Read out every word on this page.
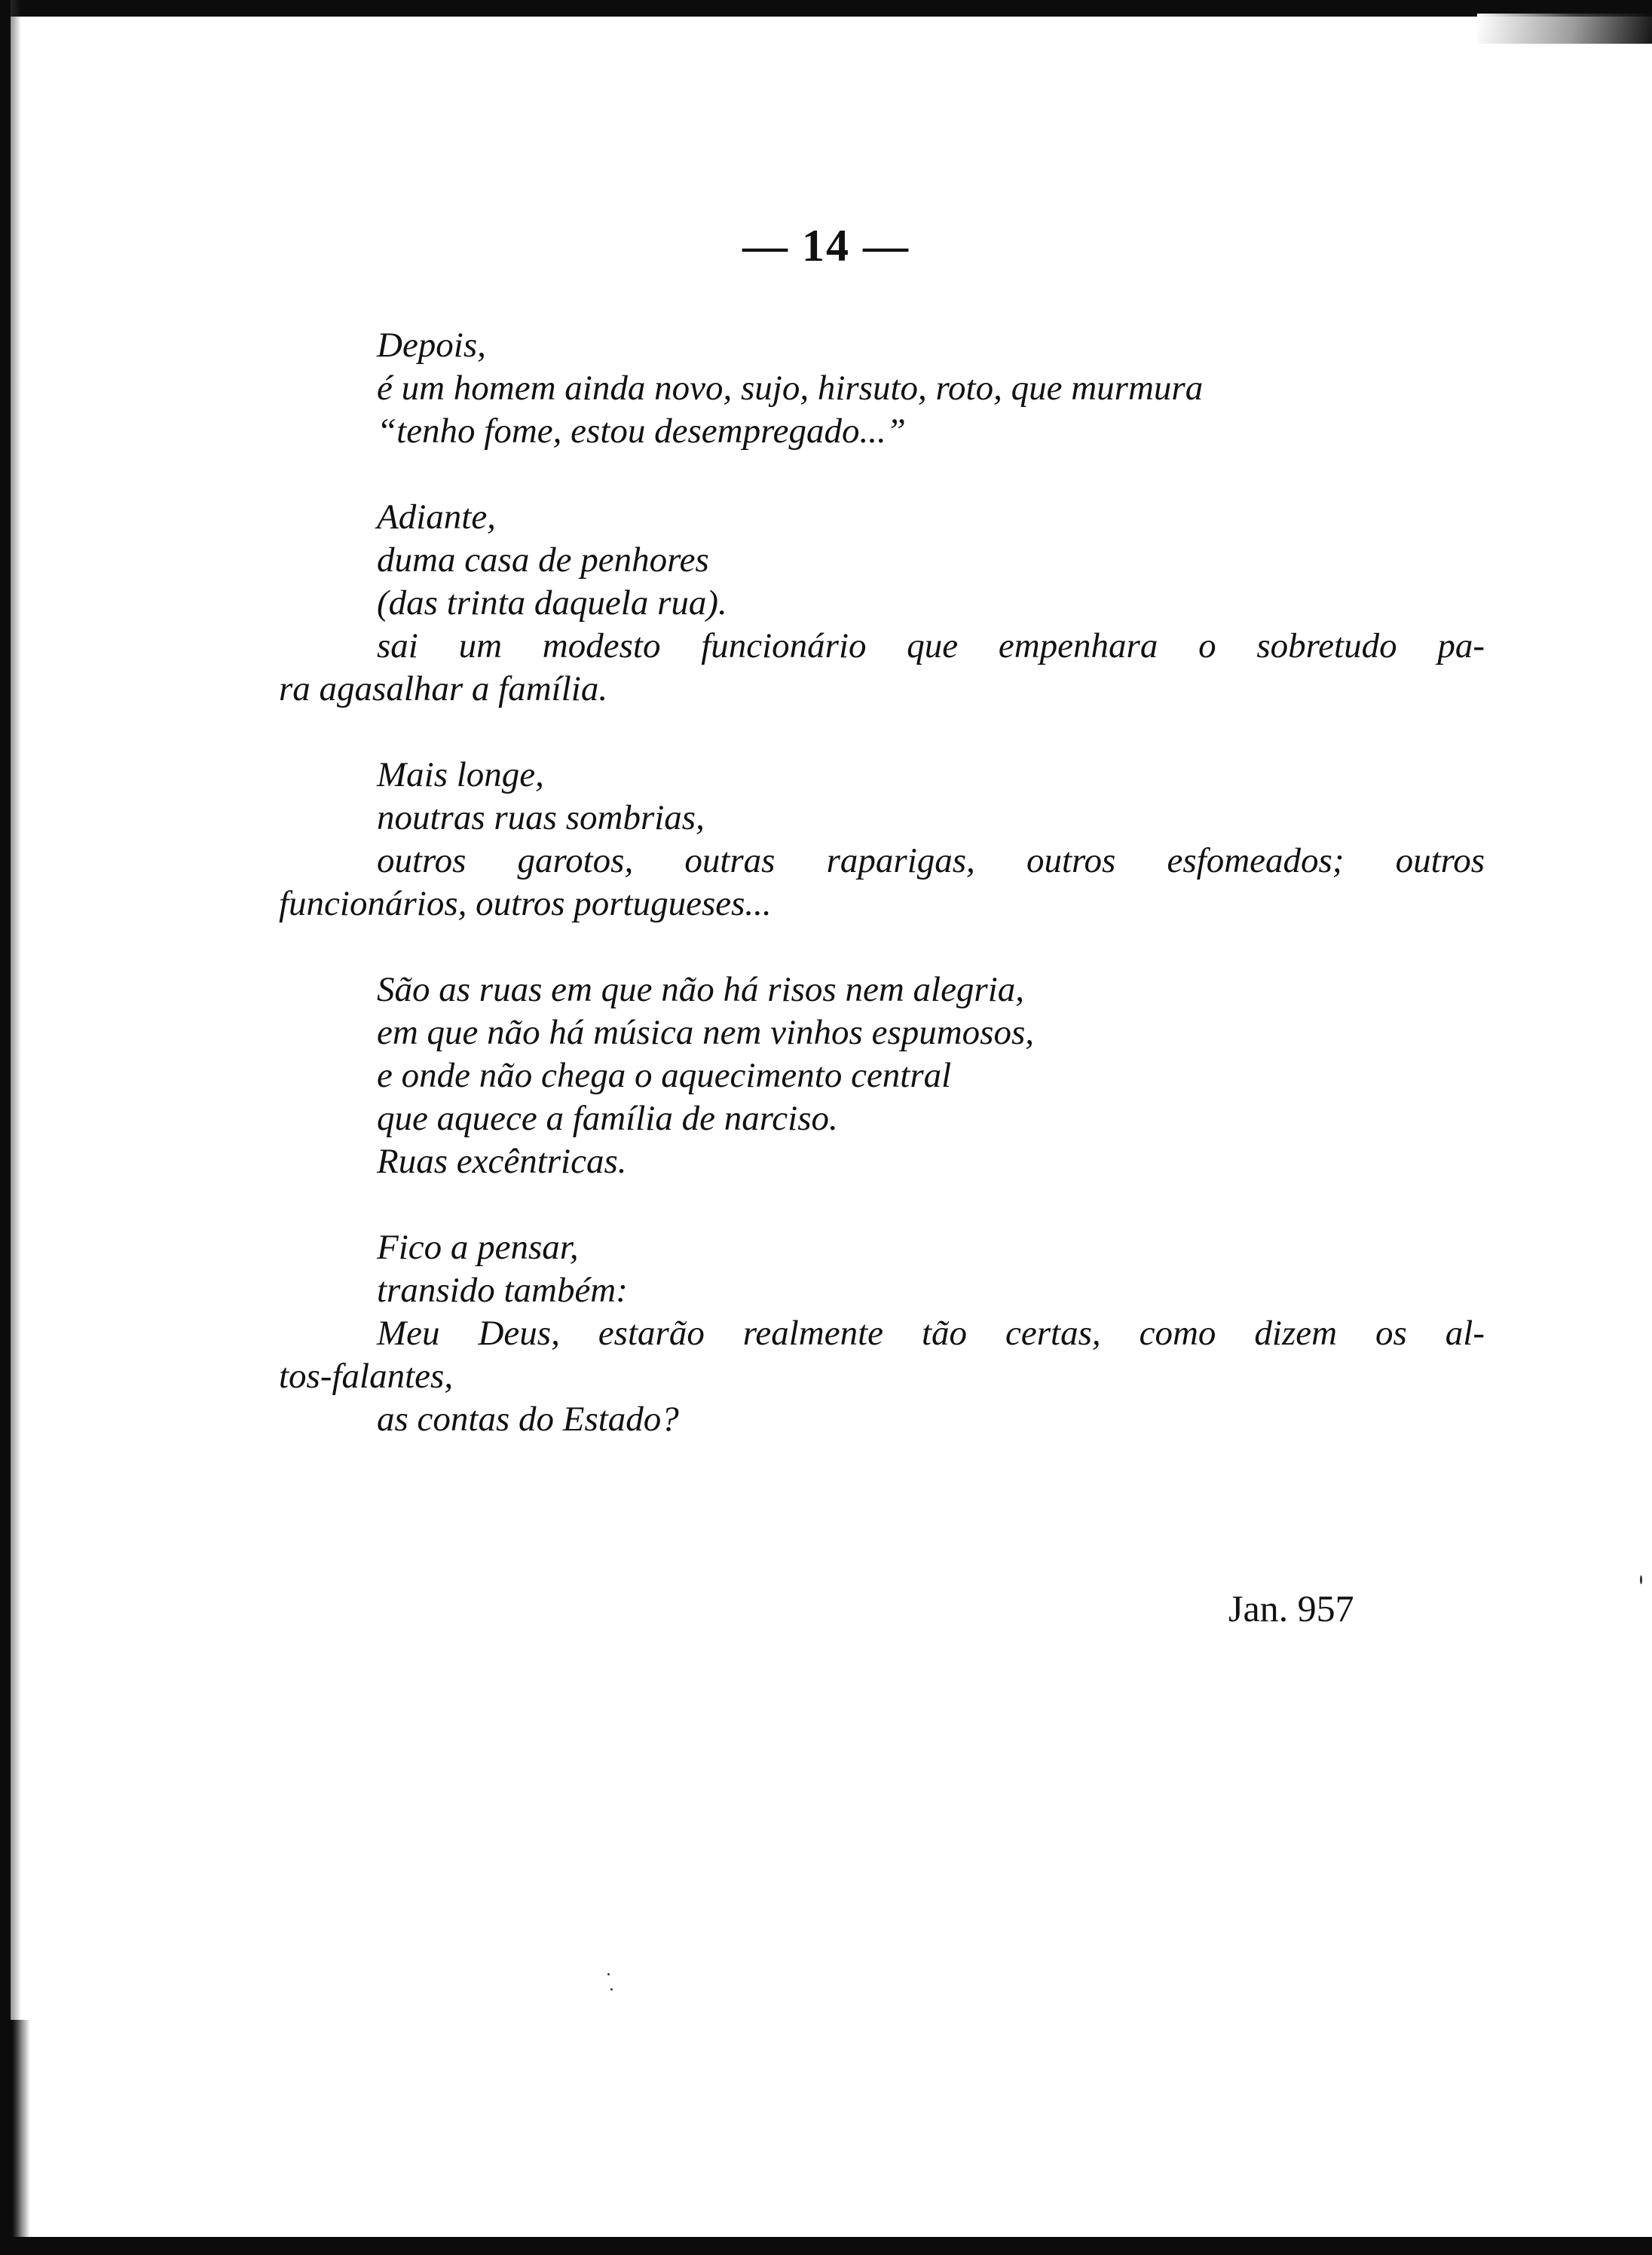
— 14 —
Depois,
é um homem ainda novo, sujo, hirsuto, roto, que murmura
“tenho fome, estou desempregado...”
Adiante,
duma casa de penhores
(das trinta daquela rua).
sai um modesto funcionário que empenhara o sobretudo pa-
ra agasalhar a família.
Mais longe,
noutras ruas sombrias,
outros garotos, outras raparigas, outros esfomeados; outros
funcionários, outros portugueses...
São as ruas em que não há risos nem alegria,
em que não há música nem vinhos espumosos,
e onde não chega o aquecimento central
que aquece a família de narciso.
Ruas excêntricas.
Fico a pensar,
transido também:
Meu Deus, estarão realmente tão certas, como dizem os al-
tos-falantes,
as contas do Estado?
Jan. 957
